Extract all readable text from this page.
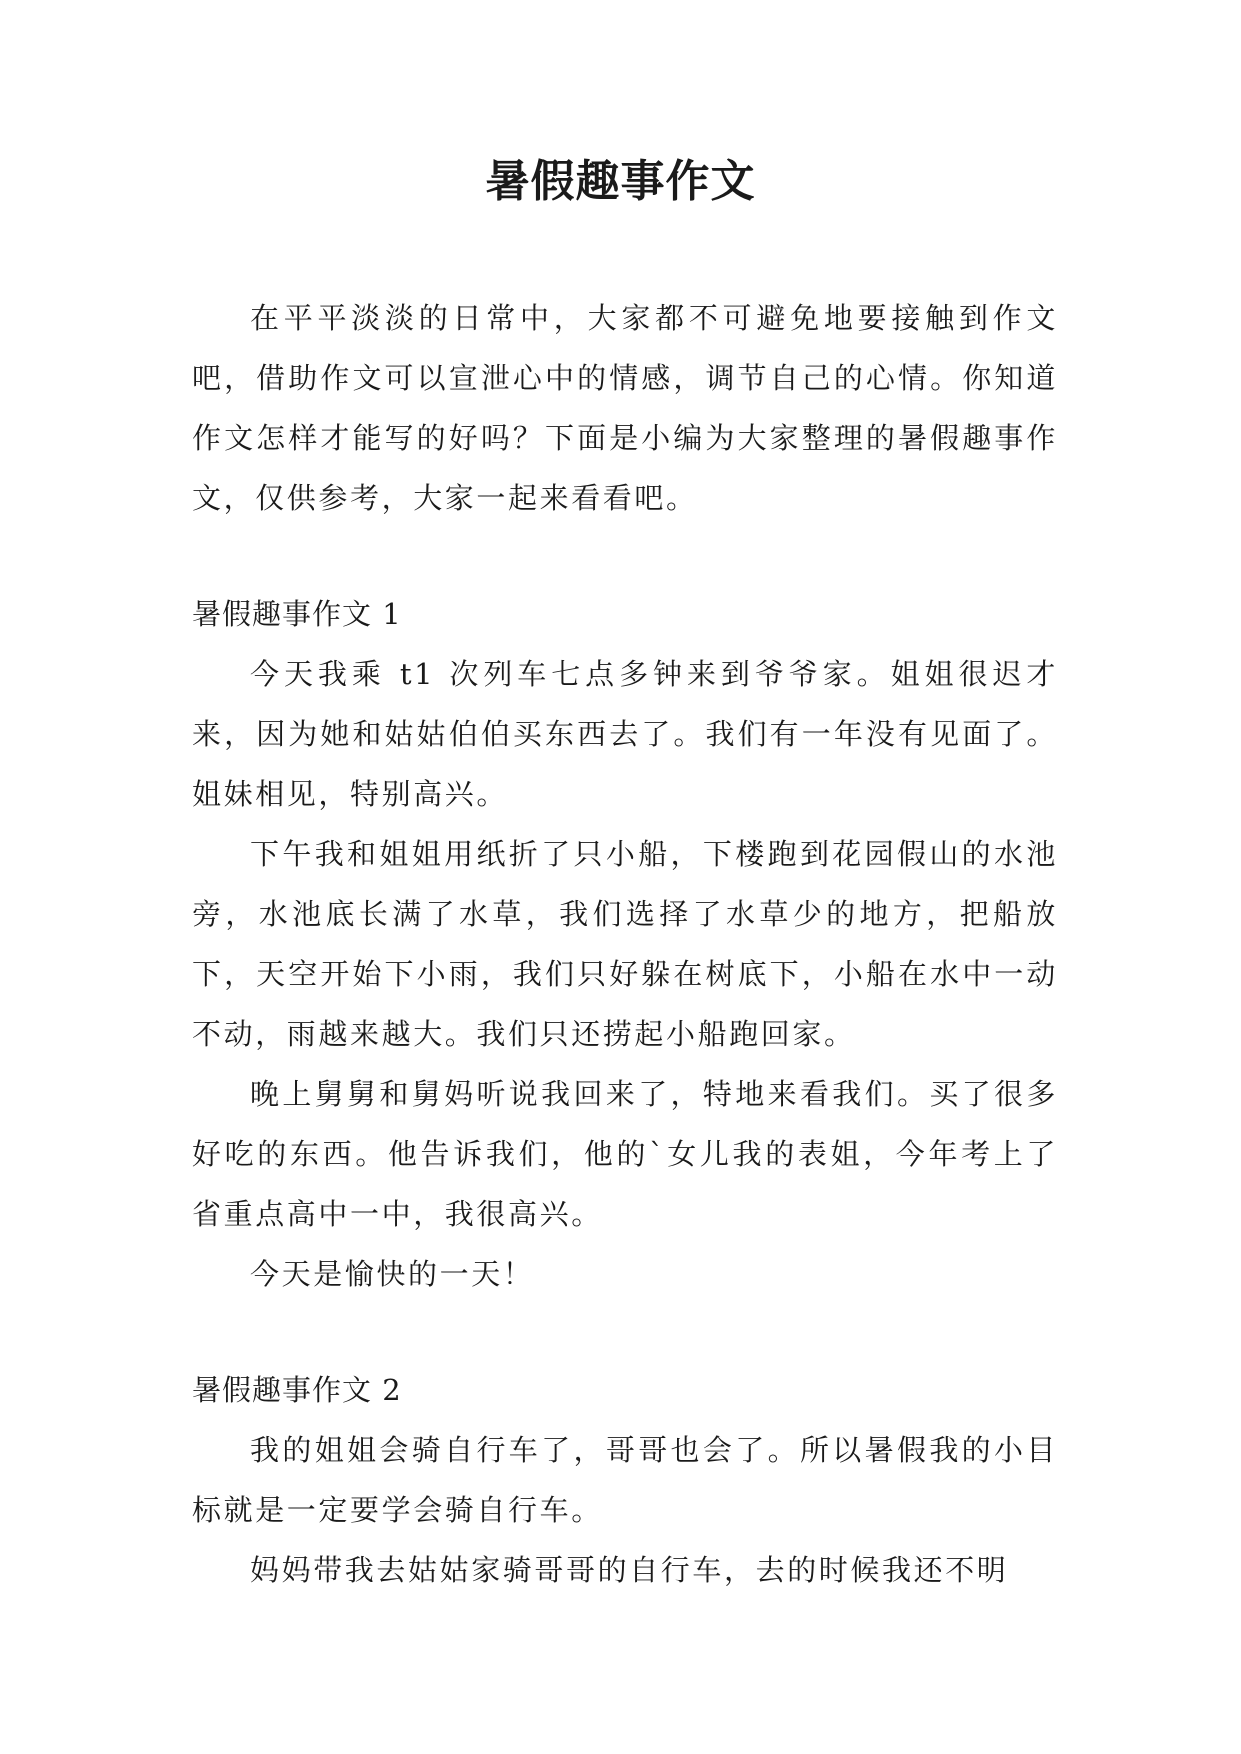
暑假趣事作文

在平平淡淡的日常中，大家都不可避免地要接触到作文吧，借助作文可以宣泄心中的情感，调节自己的心情。你知道作文怎样才能写的好吗？下面是小编为大家整理的暑假趣事作文，仅供参考，大家一起来看看吧。

暑假趣事作文 1

今天我乘 t1 次列车七点多钟来到爷爷家。姐姐很迟才来，因为她和姑姑伯伯买东西去了。我们有一年没有见面了。姐妹相见，特别高兴。

下午我和姐姐用纸折了只小船，下楼跑到花园假山的水池旁，水池底长满了水草，我们选择了水草少的地方，把船放下，天空开始下小雨，我们只好躲在树底下，小船在水中一动不动，雨越来越大。我们只还捞起小船跑回家。

晚上舅舅和舅妈听说我回来了，特地来看我们。买了很多好吃的东西。他告诉我们，他的`女儿我的表姐，今年考上了省重点高中一中，我很高兴。

今天是愉快的一天！

暑假趣事作文 2

我的姐姐会骑自行车了，哥哥也会了。所以暑假我的小目标就是一定要学会骑自行车。

妈妈带我去姑姑家骑哥哥的自行车，去的时候我还不明
